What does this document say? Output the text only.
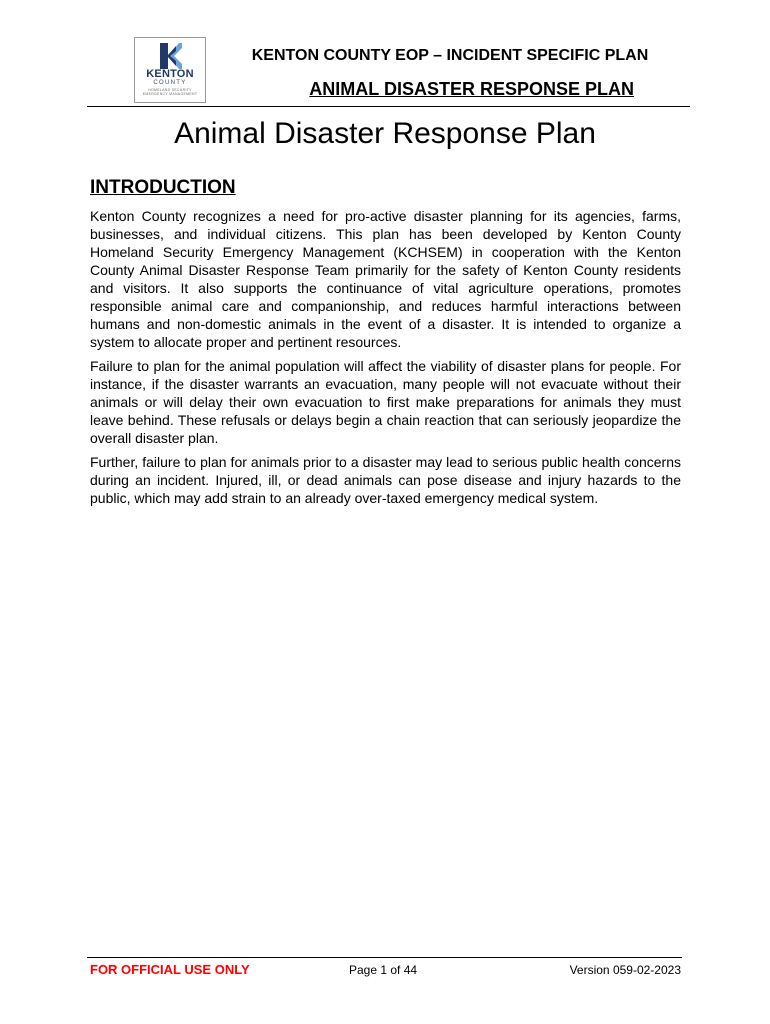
KENTON
COUNTY
HOMELAND SECURITY EMERGENCY MANAGEMENT
KENTON COUNTY EOP – INCIDENT SPECIFIC PLAN
ANIMAL DISASTER RESPONSE PLAN
Animal Disaster Response Plan
INTRODUCTION

Kenton County recognizes a need for pro-active disaster planning for its agencies, farms, businesses, and individual citizens. This plan has been developed by Kenton County Homeland Security Emergency Management (KCHSEM) in cooperation with the Kenton County Animal Disaster Response Team primarily for the safety of Kenton County residents and visitors. It also supports the continuance of vital agriculture operations, promotes responsible animal care and companionship, and reduces harmful interactions between humans and non-domestic animals in the event of a disaster. It is intended to organize a system to allocate proper and pertinent resources.

Failure to plan for the animal population will affect the viability of disaster plans for people. For instance, if the disaster warrants an evacuation, many people will not evacuate without their animals or will delay their own evacuation to first make preparations for animals they must leave behind. These refusals or delays begin a chain reaction that can seriously jeopardize the overall disaster plan.

Further, failure to plan for animals prior to a disaster may lead to serious public health concerns during an incident. Injured, ill, or dead animals can pose disease and injury hazards to the public, which may add strain to an already over-taxed emergency medical system.

FOR OFFICIAL USE ONLY	Page 1 of 44	Version 059-02-2023
